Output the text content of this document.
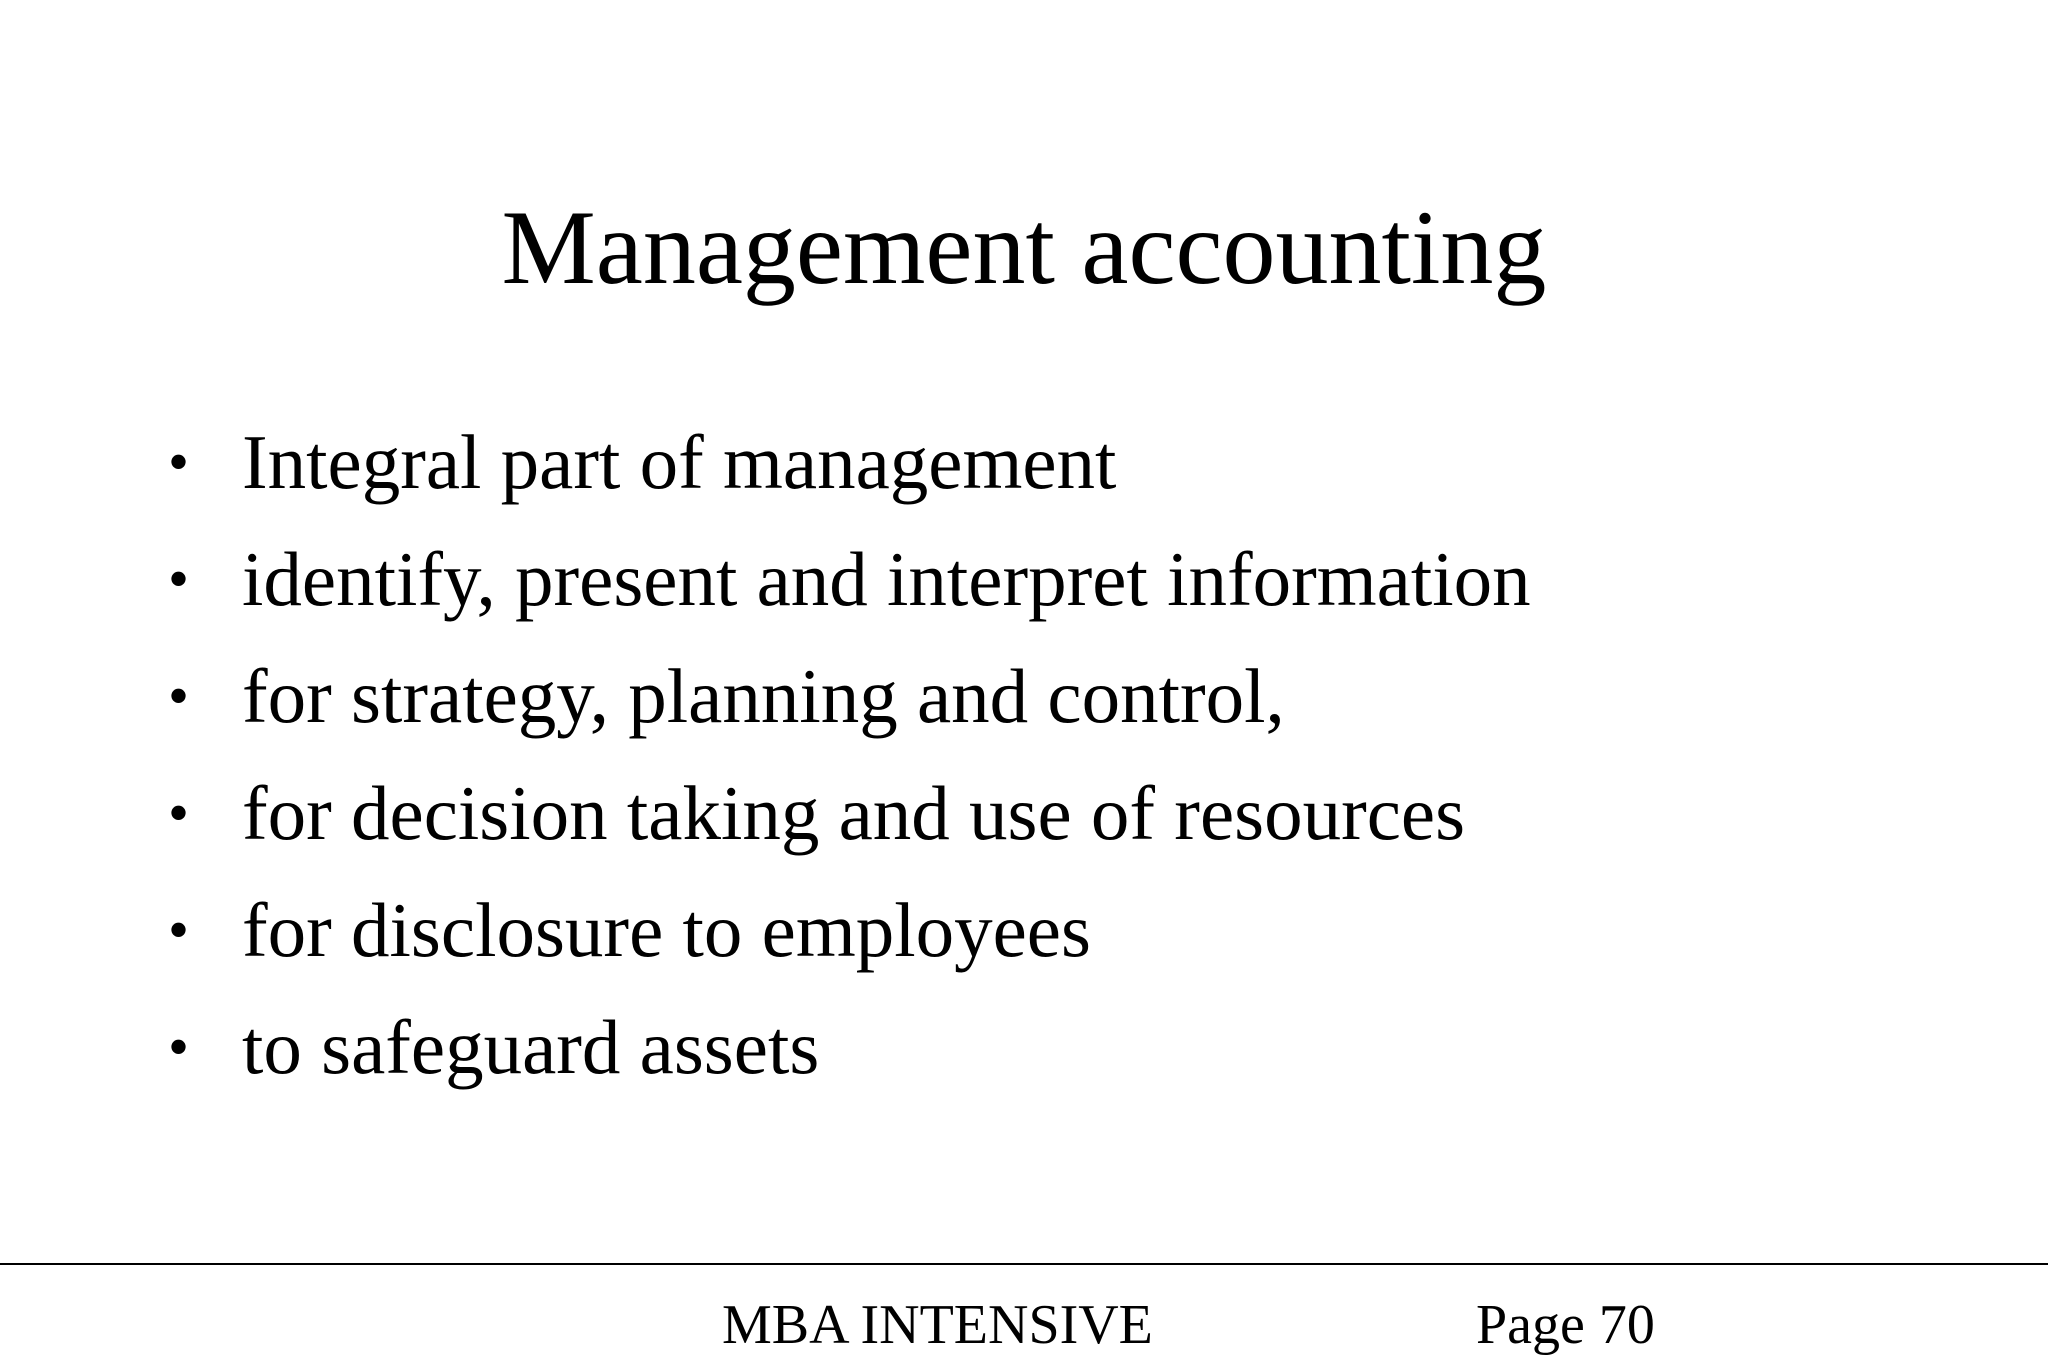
Management accounting
• Integral part of management
• identify, present and interpret information
• for strategy, planning and control,
• for decision taking and use of resources
• for disclosure to employees
• to safeguard assets
MBA INTENSIVE	Page 70
